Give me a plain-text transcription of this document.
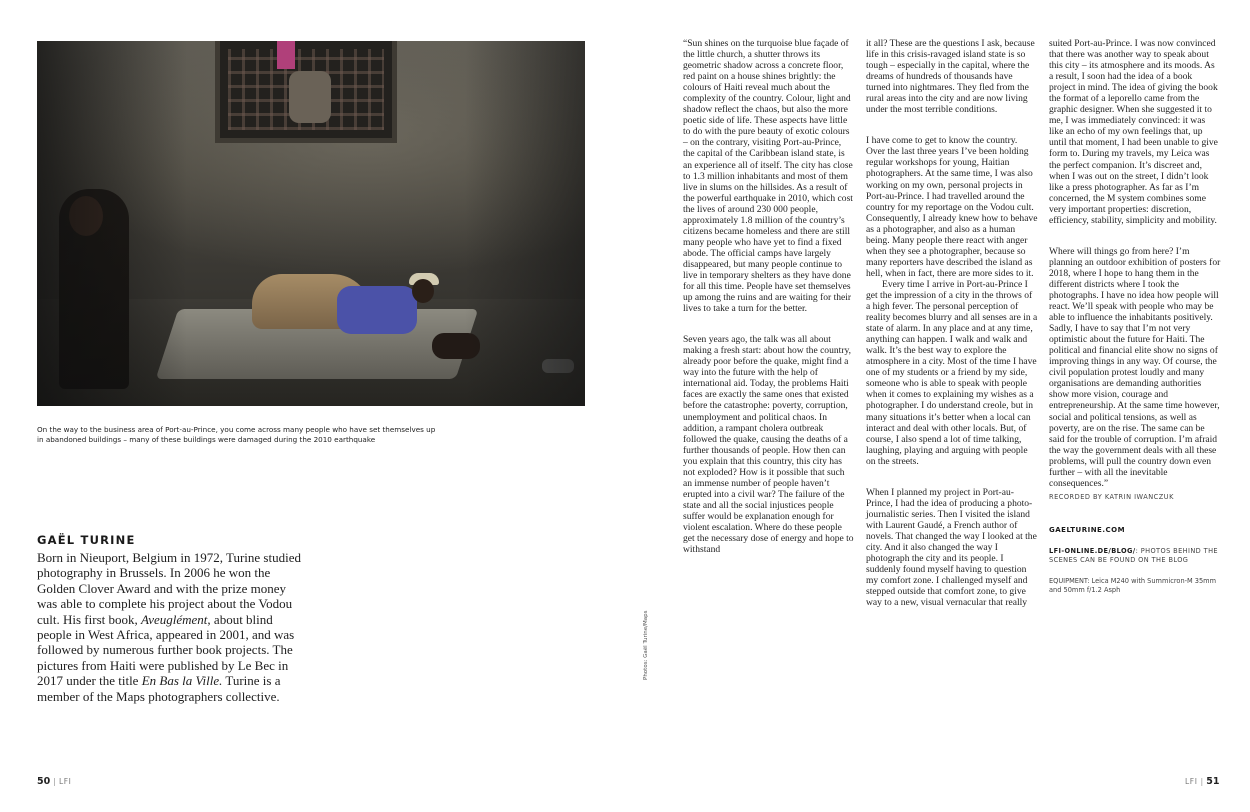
On the way to the business area of Port-au-Prince, you come across many people who have set themselves up in abandoned buildings – many of these buildings were damaged during the 2010 earthquake
GAËL TURINE
Born in Nieuport, Belgium in 1972, Turine studied photography in Brussels. In 2006 he won the Golden Clover Award and with the prize money was able to complete his project about the Vodou cult. His first book, Aveuglément, about blind people in West Africa, appeared in 2001, and was followed by numerous further book projects. The pictures from Haiti were published by Le Bec in 2017 under the title En Bas la Ville. Turine is a member of the Maps photographers collective.
50 | LFI
Photos: Gaël Turine/Maps

“Sun shines on the turquoise blue façade of the little church, a shutter throws its geometric shadow across a concrete floor, red paint on a house shines brightly: the colours of Haiti reveal much about the complexity of the country. Colour, light and shadow reflect the chaos, but also the more poetic side of life. These aspects have little to do with the pure beauty of exotic colours – on the contrary, visiting Port-au-Prince, the capital of the Caribbean island state, is an experience all of itself. The city has close to 1.3 million inhabitants and most of them live in slums on the hillsides. As a result of the powerful earthquake in 2010, which cost the lives of around 230 000 people, approximately 1.8 million of the country’s citizens became homeless and there are still many people who have yet to find a fixed abode. The official camps have largely disappeared, but many people continue to live in temporary shelters as they have done for all this time. People have set themselves up among the ruins and are waiting for their lives to take a turn for the better.

Seven years ago, the talk was all about making a fresh start: about how the country, already poor before the quake, might find a way into the future with the help of international aid. Today, the problems Haiti faces are exactly the same ones that existed before the catastrophe: poverty, corruption, unemployment and political chaos. In addition, a rampant cholera outbreak followed the quake, causing the deaths of a further thousands of people. How then can you explain that this country, this city has not exploded? How is it possible that such an immense number of people haven’t erupted into a civil war? The failure of the state and all the social injustices people suffer would be explanation enough for violent escalation. Where do these people get the necessary dose of energy and hope to withstand

it all? These are the questions I ask, because life in this crisis-ravaged island state is so tough – especially in the capital, where the dreams of hundreds of thousands have turned into nightmares. They fled from the rural areas into the city and are now living under the most terrible conditions.

I have come to get to know the country. Over the last three years I’ve been holding regular workshops for young, Haitian photographers. At the same time, I was also working on my own, personal projects in Port-au-Prince. I had travelled around the country for my reportage on the Vodou cult. Consequently, I already knew how to behave as a photographer, and also as a human being. Many people there react with anger when they see a photographer, because so many reporters have described the island as hell, when in fact, there are more sides to it.

Every time I arrive in Port-au-Prince I get the impression of a city in the throws of a high fever. The personal perception of reality becomes blurry and all senses are in a state of alarm. In any place and at any time, anything can happen. I walk and walk and walk. It’s the best way to explore the atmosphere in a city. Most of the time I have one of my students or a friend by my side, someone who is able to speak with people when it comes to explaining my wishes as a photographer. I do understand creole, but in many situations it’s better when a local can interact and deal with other locals. But, of course, I also spend a lot of time talking, laughing, playing and arguing with people on the streets.

When I planned my project in Port-au-Prince, I had the idea of producing a photo-journalistic series. Then I visited the island with Laurent Gaudé, a French author of novels. That changed the way I looked at the city. And it also changed the way I photograph the city and its people. I suddenly found myself having to question my comfort zone. I challenged myself and stepped outside that comfort zone, to give way to a new, visual vernacular that really

suited Port-au-Prince. I was now convinced that there was another way to speak about this city – its atmosphere and its moods. As a result, I soon had the idea of a book project in mind. The idea of giving the book the format of a leporello came from the graphic designer. When she suggested it to me, I was immediately convinced: it was like an echo of my own feelings that, up until that moment, I had been unable to give form to. During my travels, my Leica was the perfect companion. It’s discreet and, when I was out on the street, I didn’t look like a press photographer. As far as I’m concerned, the M system combines some very important properties: discretion, efficiency, stability, simplicity and mobility.

Where will things go from here? I’m planning an outdoor exhibition of posters for 2018, where I hope to hang them in the different districts where I took the photographs. I have no idea how people will react. We’ll speak with people who may be able to influence the inhabitants positively. Sadly, I have to say that I’m not very optimistic about the future for Haiti. The political and financial elite show no signs of improving things in any way. Of course, the civil population protest loudly and many organisations are demanding authorities show more vision, courage and entrepreneurship. At the same time however, social and political tensions, as well as poverty, are on the rise. The same can be said for the trouble of corruption. I’m afraid the way the government deals with all these problems, will pull the country down even further – with all the inevitable consequences.”

RECORDED BY KATRIN IWANCZUK

GAELTURINE.COM

LFI-ONLINE.DE/BLOG/: PHOTOS BEHIND THE SCENES CAN BE FOUND ON THE BLOG

EQUIPMENT: Leica M240 with Summicron-M 35mm and 50mm f/1.2 Asph

LFI | 51
